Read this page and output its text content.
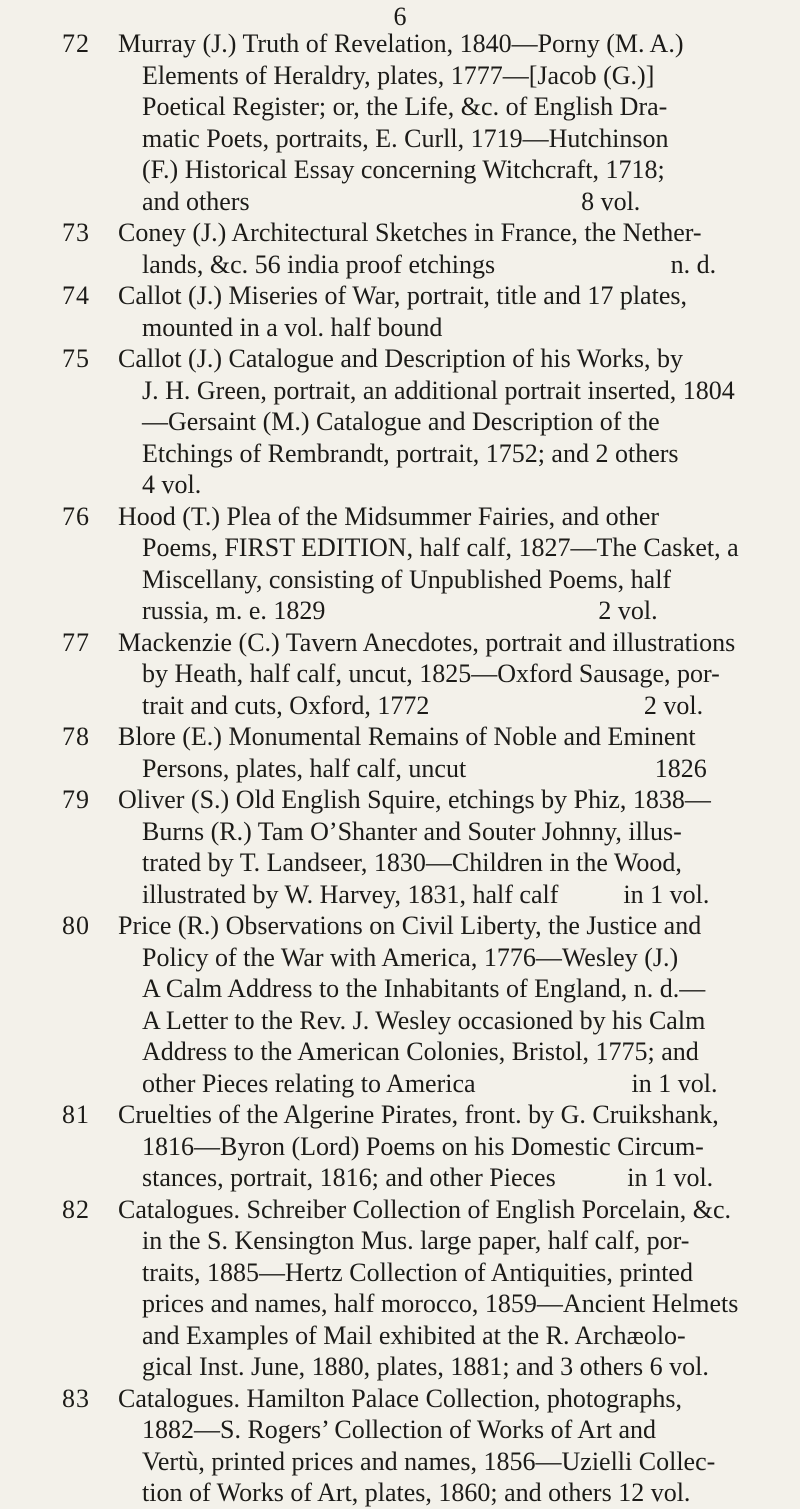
6
72	Murray (J.) Truth of Revelation, 1840—Porny (M. A.)
Elements of Heraldry, plates, 1777—[Jacob (G.)]
Poetical Register; or, the Life, &c. of English Dra-
matic Poets, portraits, E. Curll, 1719—Hutchinson
(F.) Historical Essay concerning Witchcraft, 1718;
and others                                                   8 vol.
73	Coney (J.) Architectural Sketches in France, the Nether-
lands, &c. 56 india proof etchings                           n. d.
74	Callot (J.) Miseries of War, portrait, title and 17 plates,
mounted in a vol. half bound
75	Callot (J.) Catalogue and Description of his Works, by
J. H. Green, portrait, an additional portrait inserted, 1804
—Gersaint (M.) Catalogue and Description of the
Etchings of Rembrandt, portrait, 1752; and 2 others
4 vol.
76	Hood (T.) Plea of the Midsummer Fairies, and other
Poems, FIRST EDITION, half calf, 1827—The Casket, a
Miscellany, consisting of Unpublished Poems, half
russia, m. e. 1829                                          2 vol.
77	Mackenzie (C.) Tavern Anecdotes, portrait and illustrations
by Heath, half calf, uncut, 1825—Oxford Sausage, por-
trait and cuts, Oxford, 1772                                 2 vol.
78	Blore (E.) Monumental Remains of Noble and Eminent
Persons, plates, half calf, uncut                             1826
79	Oliver (S.) Old English Squire, etchings by Phiz, 1838—
Burns (R.) Tam O’Shanter and Souter Johnny, illus-
trated by T. Landseer, 1830—Children in the Wood,
illustrated by W. Harvey, 1831, half calf          in 1 vol.
80	Price (R.) Observations on Civil Liberty, the Justice and
Policy of the War with America, 1776—Wesley (J.)
A Calm Address to the Inhabitants of England, n. d.—
A Letter to the Rev. J. Wesley occasioned by his Calm
Address to the American Colonies, Bristol, 1775; and
other Pieces relating to America                        in 1 vol.
81	Cruelties of the Algerine Pirates, front. by G. Cruikshank,
1816—Byron (Lord) Poems on his Domestic Circum-
stances, portrait, 1816; and other Pieces           in 1 vol.
82	Catalogues. Schreiber Collection of English Porcelain, &c.
in the S. Kensington Mus. large paper, half calf, por-
traits, 1885—Hertz Collection of Antiquities, printed
prices and names, half morocco, 1859—Ancient Helmets
and Examples of Mail exhibited at the R. Archæolo-
gical Inst. June, 1880, plates, 1881; and 3 others 6 vol.
83	Catalogues. Hamilton Palace Collection, photographs,
1882—S. Rogers’ Collection of Works of Art and
Vertù, printed prices and names, 1856—Uzielli Collec-
tion of Works of Art, plates, 1860; and others 12 vol.
